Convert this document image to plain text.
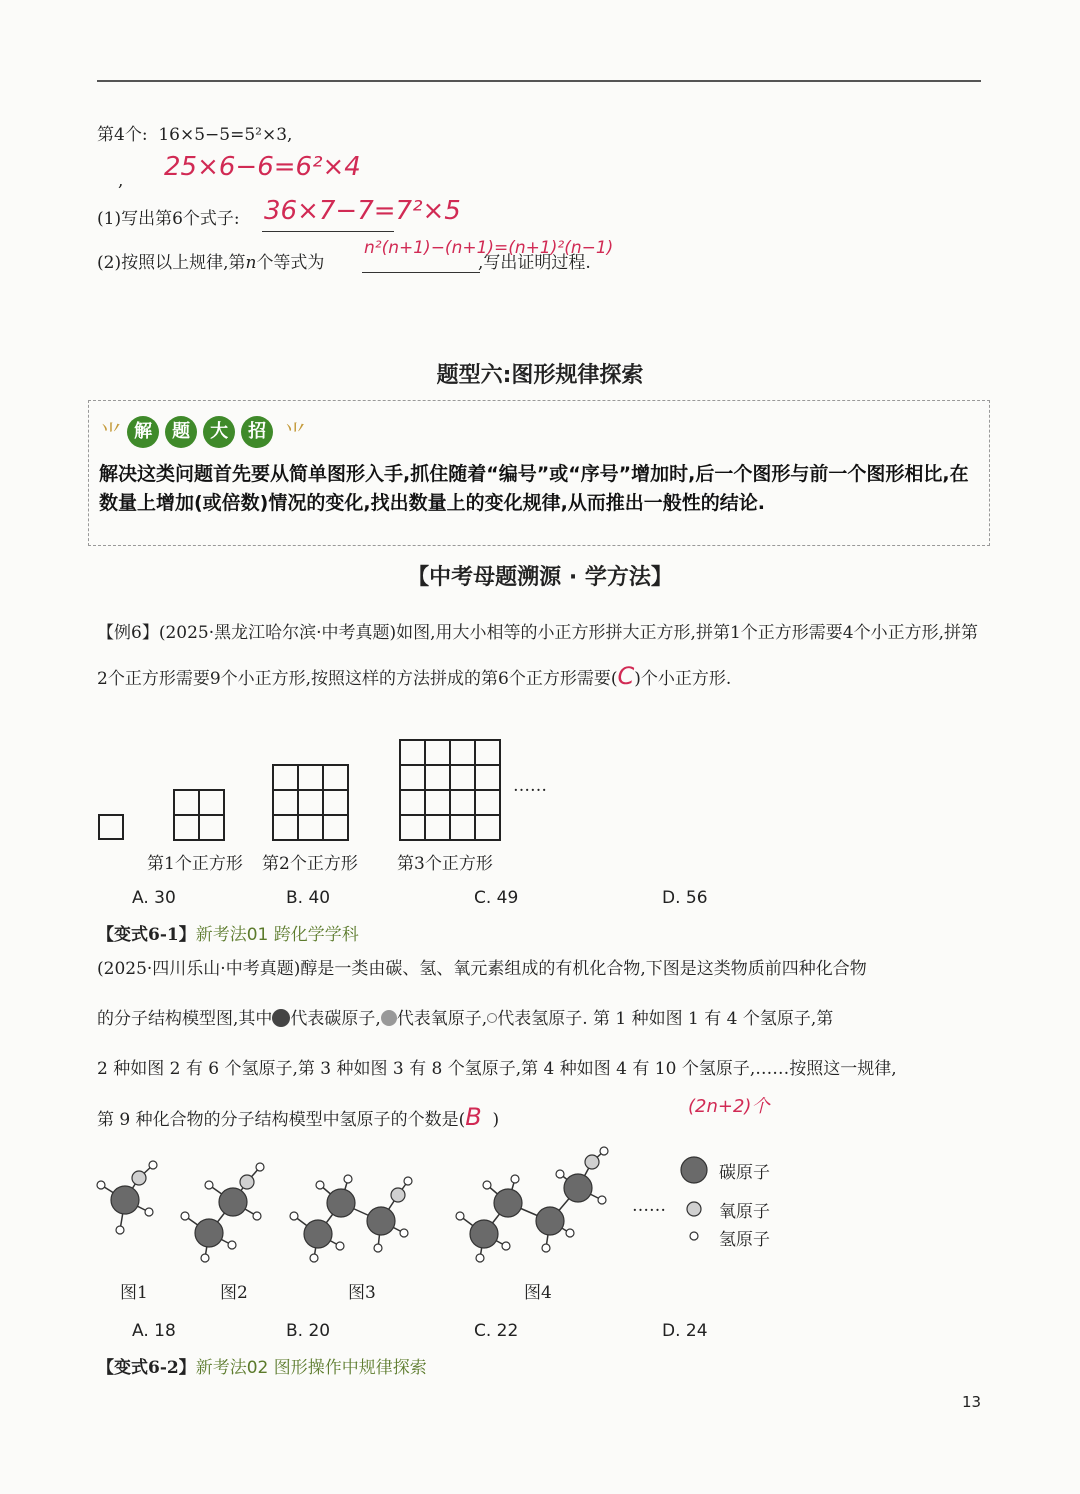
第4个: 16×5−5=5²×3,
, 25×6−6=6²×4
(1)写出第6个式子: 36×7−7=7²×5
(2)按照以上规律,第n个等式为
n²(n+1)−(n+1)=(n+1)²(n−1)
,写出证明过程.
题型六:图形规律探索
⺌ 解 题 大 招 ⺌
解决这类问题首先要从简单图形入手,抓住随着“编号”或“序号”增加时,后一个图形与前一个图形相比,在数量上增加(或倍数)情况的变化,找出数量上的变化规律,从而推出一般性的结论.
【中考母题溯源 · 学方法】
【例6】(2025·黑龙江哈尔滨·中考真题)如图,用大小相等的小正方形拼大正方形,拼第1个正方形需要4个小正方形,拼第2个正方形需要9个小正方形,按照这样的方法拼成的第6个正方形需要(C)个小正方形.
……
第1个正方形 第2个正方形 第3个正方形
A. 30	B. 40	C. 49	D. 56
【变式6-1】新考法01 跨化学学科
(2025·四川乐山·中考真题)醇是一类由碳、氢、氧元素组成的有机化合物,下图是这类物质前四种化合物
的分子结构模型图,其中 代表碳原子, 代表氧原子, 代表氢原子. 第 1 种如图 1 有 4 个氢原子,第
2 种如图 2 有 6 个氢原子,第 3 种如图 3 有 8 个氢原子,第 4 种如图 4 有 10 个氢原子,……按照这一规律,
第 9 种化合物的分子结构模型中氢原子的个数是(B )
(2n+2)个
……
碳原子
氧原子
氢原子
图1	图2	图3	图4
A. 18	B. 20	C. 22	D. 24
【变式6-2】新考法02 图形操作中规律探索
13
